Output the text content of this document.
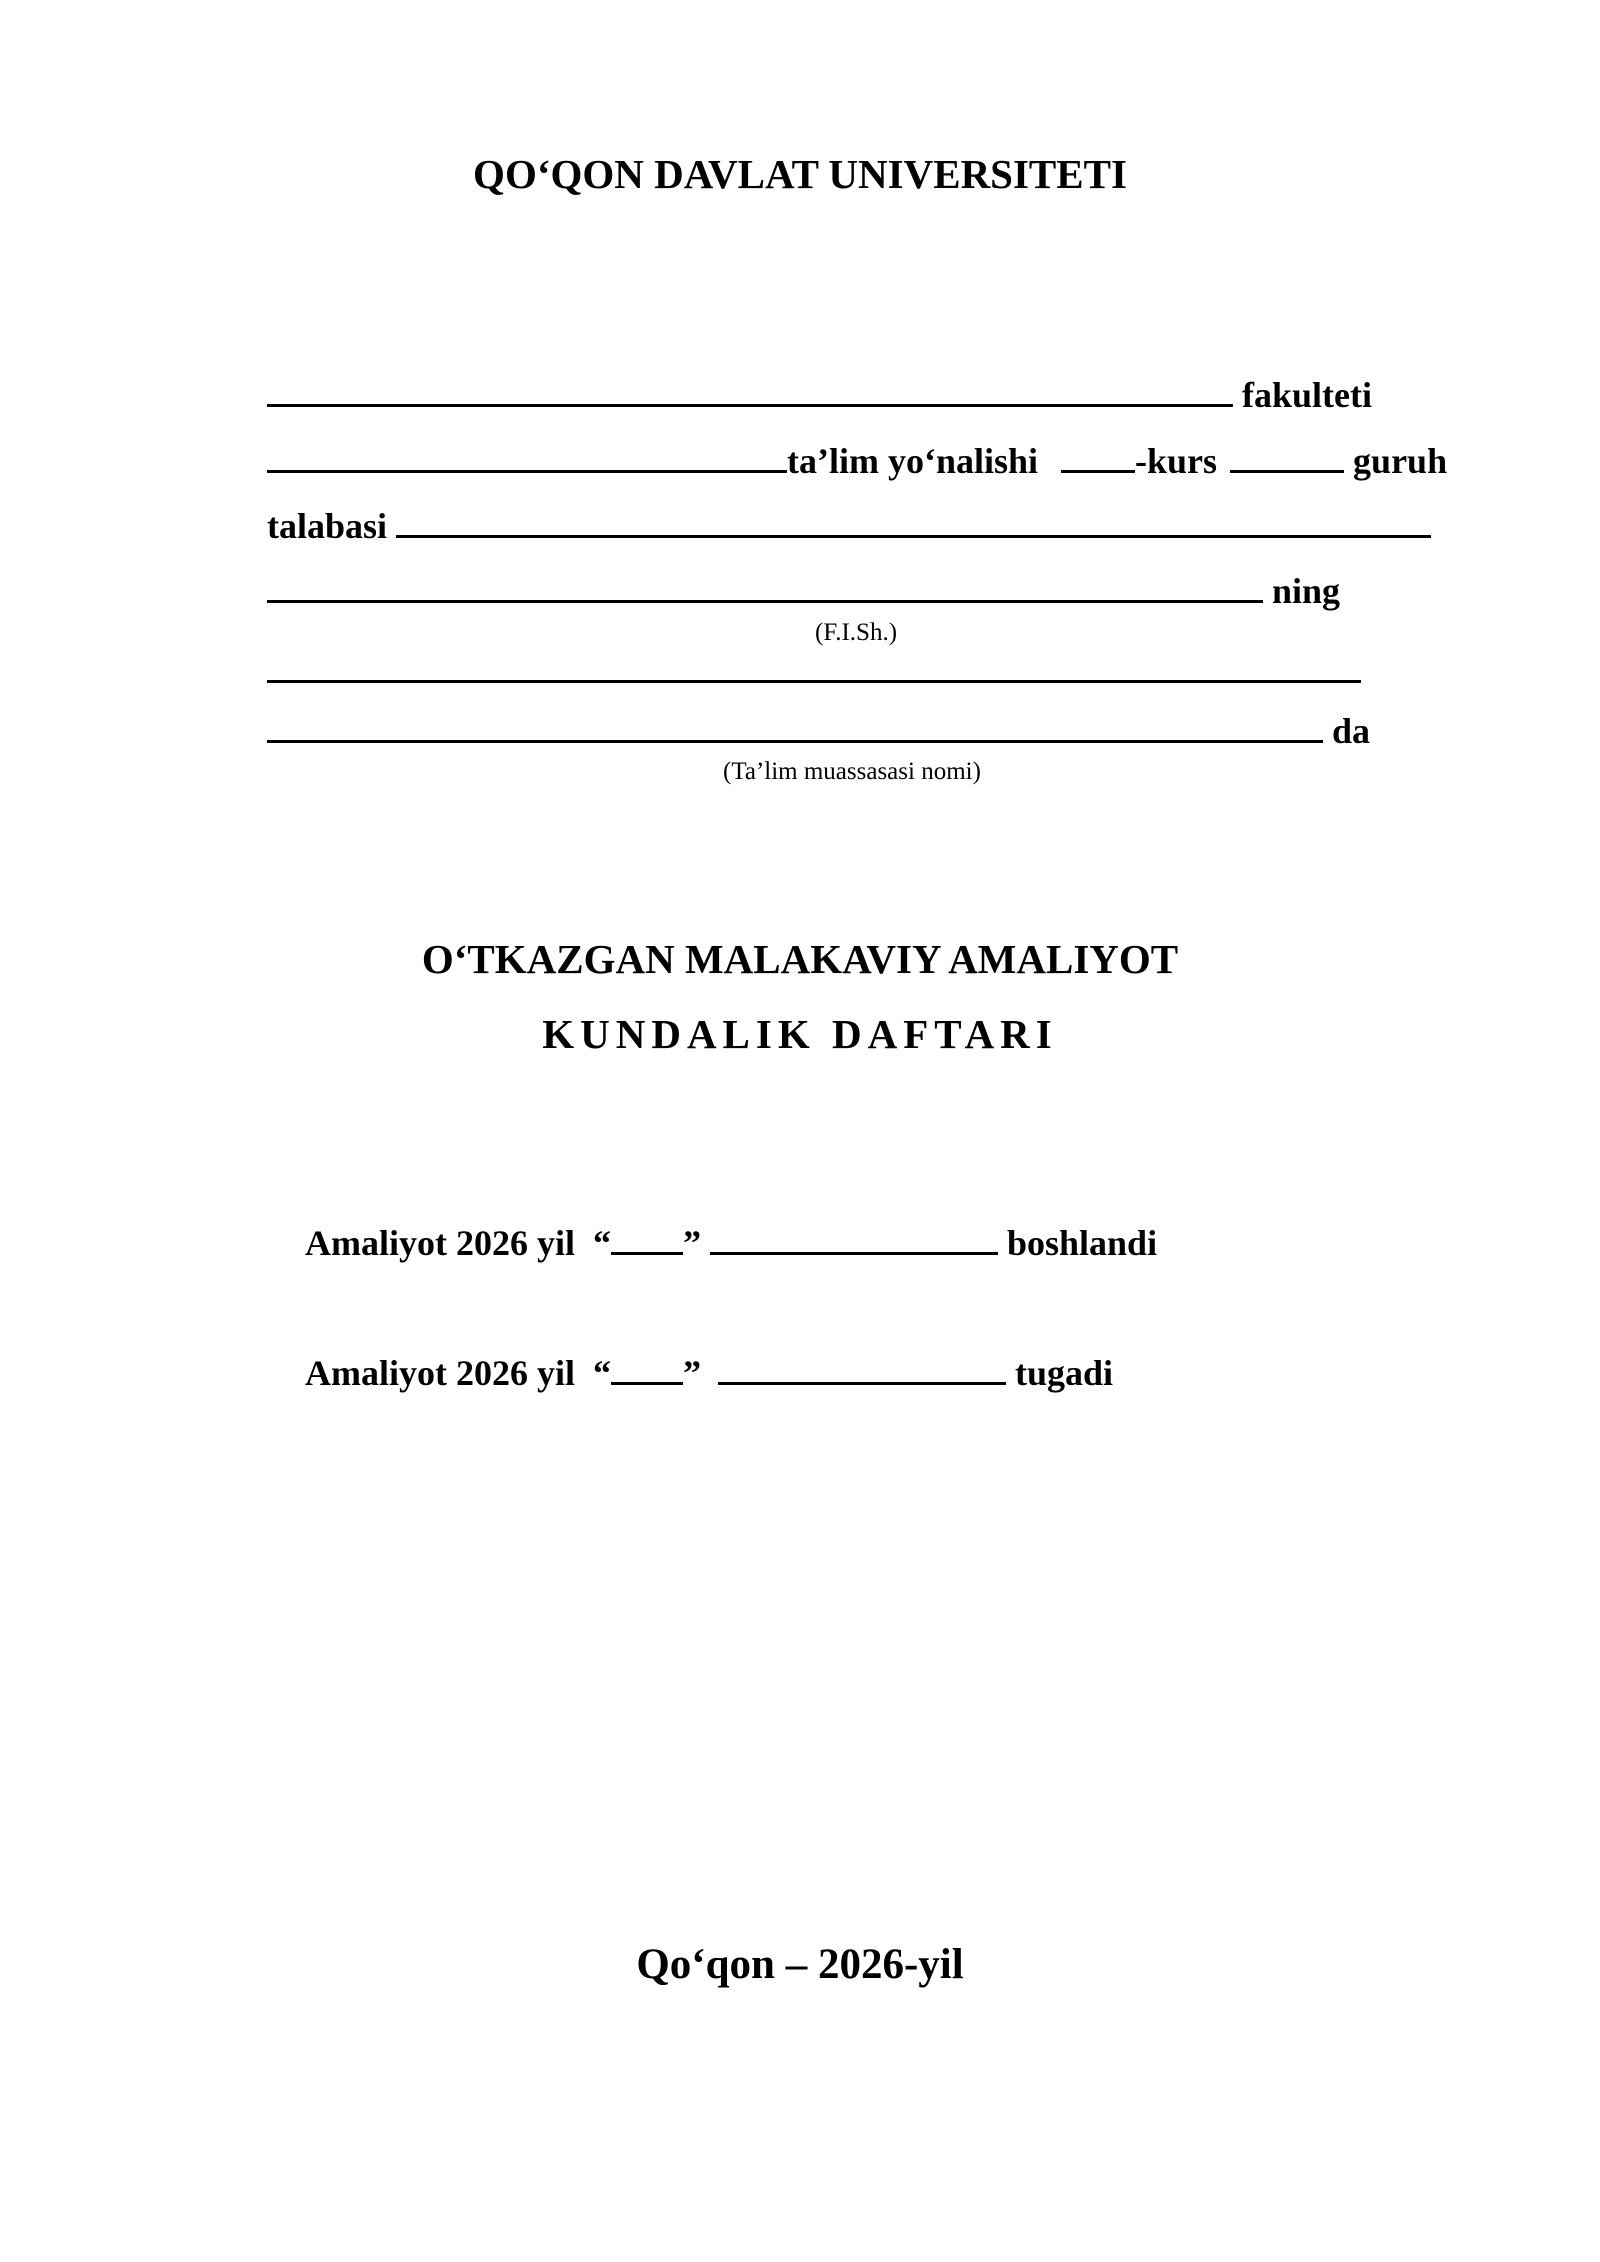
QO‘QON DAVLAT UNIVERSITETI
fakulteti
ta’lim yo‘nalishi	-kurs	guruh
talabasi
ning
(F.I.Sh.)
da
(Ta’lim muassasasi nomi)
O‘TKAZGAN MALAKAVIY AMALIYOT
KUNDALIK DAFTARI
Amaliyot 2026 yil “ ”	boshlandi
Amaliyot 2026 yil “ ”	tugadi
Qo‘qon – 2026-yil
